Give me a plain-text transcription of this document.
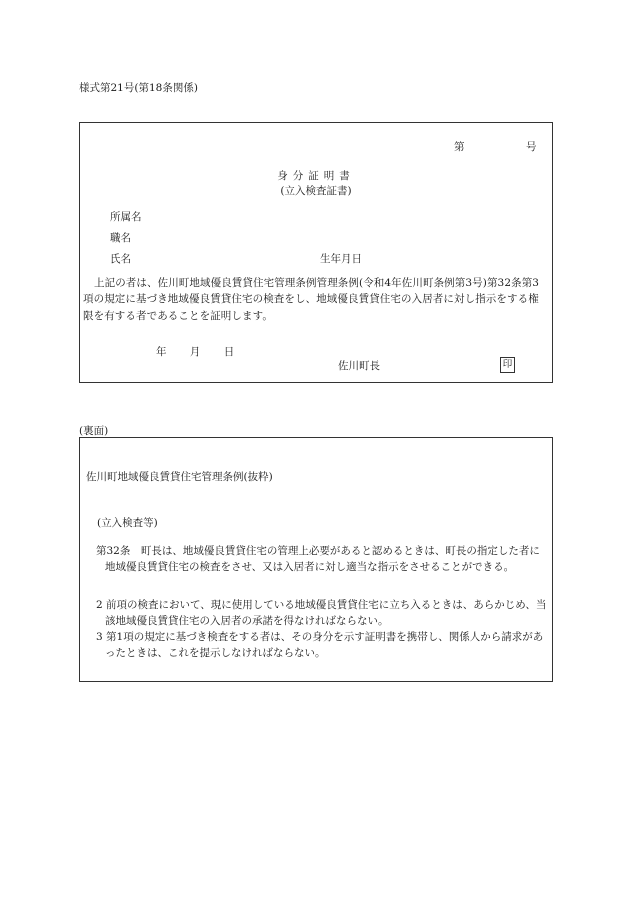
様式第21号(第18条関係)
第	号
身分証明書
(立入検査証書)
所属名
職名
氏名	生年月日
上記の者は、佐川町地域優良賃貸住宅管理条例管理条例(令和4年佐川町条例第3号)第32条第3項の規定に基づき地域優良賃貸住宅の検査をし、地域優良賃貸住宅の入居者に対し指示をする権限を有する者であることを証明します。
年 月 日
佐川町長	印
(裏面)
佐川町地域優良賃貸住宅管理条例(抜粋)
(立入検査等)
第32条　町長は、地域優良賃貸住宅の管理上必要があると認めるときは、町長の指定した者に地域優良賃貸住宅の検査をさせ、又は入居者に対し適当な指示をさせることができる。
2 前項の検査において、現に使用している地域優良賃貸住宅に立ち入るときは、あらかじめ、当該地域優良賃貸住宅の入居者の承諾を得なければならない。
3 第1項の規定に基づき検査をする者は、その身分を示す証明書を携帯し、関係人から請求があったときは、これを提示しなければならない。
